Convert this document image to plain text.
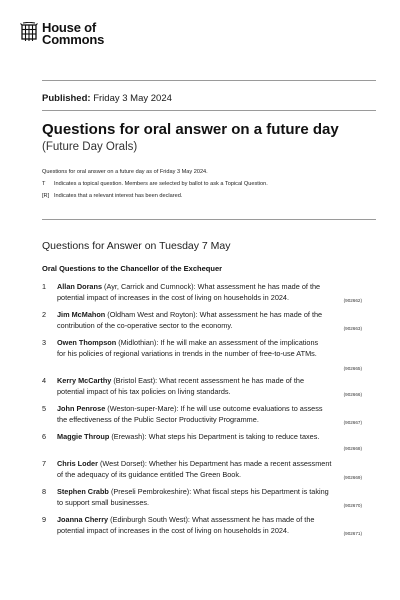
House of
Commons
Published: Friday 3 May 2024
Questions for oral answer on a future day
(Future Day Orals)
Questions for oral answer on a future day as of Friday 3 May 2024.
T	Indicates a topical question. Members are selected by ballot to ask a Topical Question.
[R] Indicates that a relevant interest has been declared.
Questions for Answer on Tuesday 7 May
Oral Questions to the Chancellor of the Exchequer
1	Allan Dorans (Ayr, Carrick and Cumnock): What assessment he has made of the
potential impact of increases in the cost of living on households in 2024.	(902662)
2	Jim McMahon (Oldham West and Royton): What assessment he has made of the
contribution of the co-operative sector to the economy.	(902663)
3	Owen Thompson (Midlothian): If he will make an assessment of the implications
for his policies of regional variations in trends in the number of free-to-use ATMs.
(902665)
4	Kerry McCarthy (Bristol East): What recent assessment he has made of the
potential impact of his tax policies on living standards.	(902666)
5	John Penrose (Weston-super-Mare): If he will use outcome evaluations to assess
the effectiveness of the Public Sector Productivity Programme.	(902667)
6	Maggie Throup (Erewash): What steps his Department is taking to reduce taxes.
(902668)
7	Chris Loder (West Dorset): Whether his Department has made a recent assessment
of the adequacy of its guidance entitled The Green Book.	(902669)
8	Stephen Crabb (Preseli Pembrokeshire): What fiscal steps his Department is taking
to support small businesses.	(902670)
9	Joanna Cherry (Edinburgh South West): What assessment he has made of the
potential impact of increases in the cost of living on households in 2024.	(902671)
